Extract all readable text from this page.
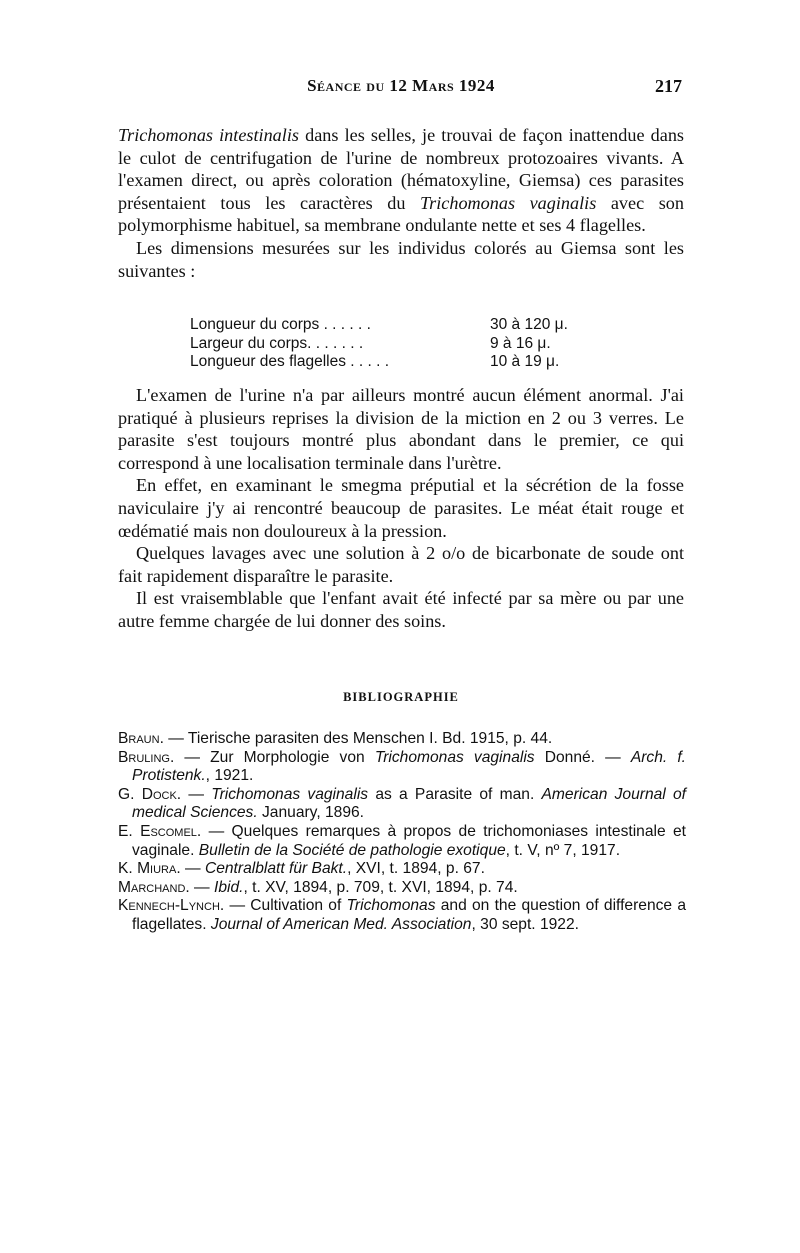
Séance du 12 Mars 1924	217

Trichomonas intestinalis dans les selles, je trouvai de façon inattendue dans le culot de centrifugation de l'urine de nombreux protozoaires vivants. A l'examen direct, ou après coloration (hématoxyline, Giemsa) ces parasites présentaient tous les caractères du Trichomonas vaginalis avec son polymorphisme habituel, sa membrane ondulante nette et ses 4 flagelles.

Les dimensions mesurées sur les individus colorés au Giemsa sont les suivantes :

Longueur du corps . . . . . .	30 à 120 μ.
Largeur du corps. . . . . . .	9 à 16 μ.
Longueur des flagelles . . . . .	10 à 19 μ.

L'examen de l'urine n'a par ailleurs montré aucun élément anormal. J'ai pratiqué à plusieurs reprises la division de la miction en 2 ou 3 verres. Le parasite s'est toujours montré plus abondant dans le premier, ce qui correspond à une localisation terminale dans l'urètre.

En effet, en examinant le smegma préputial et la sécrétion de la fosse naviculaire j'y ai rencontré beaucoup de parasites. Le méat était rouge et œdématié mais non douloureux à la pression.

Quelques lavages avec une solution à 2 o/o de bicarbonate de soude ont fait rapidement disparaître le parasite.

Il est vraisemblable que l'enfant avait été infecté par sa mère ou par une autre femme chargée de lui donner des soins.

BIBLIOGRAPHIE
Braun. — Tierische parasiten des Menschen I. Bd. 1915, p. 44.
Bruling. — Zur Morphologie von Trichomonas vaginalis Donné. — Arch. f. Protistenk., 1921.
G. Dock. — Trichomonas vaginalis as a Parasite of man. American Journal of medical Sciences. January, 1896.
E. Escomel. — Quelques remarques à propos de trichomoniases intestinale et vaginale. Bulletin de la Société de pathologie exotique, t. V, nº 7, 1917.
K. Miura. — Centralblatt für Bakt., XVI, t. 1894, p. 67.
Marchand. — Ibid., t. XV, 1894, p. 709, t. XVI, 1894, p. 74.
Kennech-Lynch. — Cultivation of Trichomonas and on the question of difference a flagellates. Journal of American Med. Association, 30 sept. 1922.
